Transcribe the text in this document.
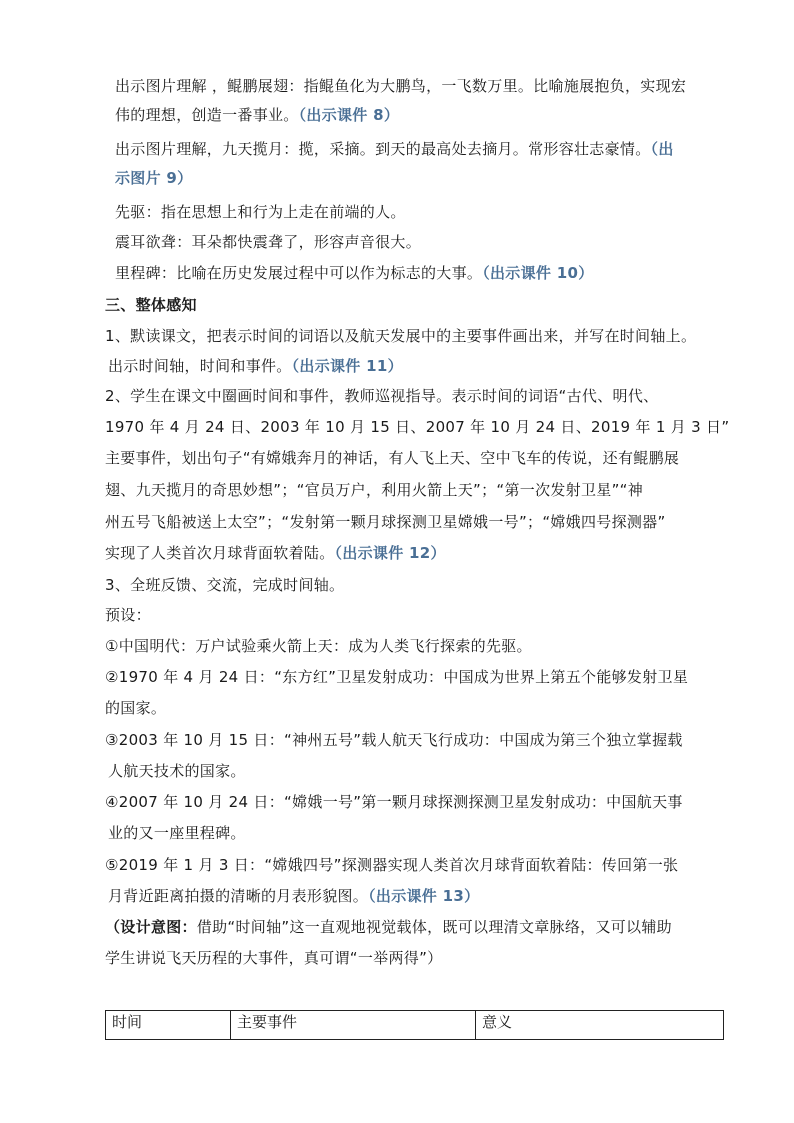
出示图片理解 ，鲲鹏展翅：指鲲鱼化为大鹏鸟，一飞数万里。比喻施展抱负，实现宏
伟的理想，创造一番事业。（出示课件 8）
出示图片理解，九天揽月：揽，采摘。到天的最高处去摘月。常形容壮志豪情。（出
示图片 9）
先驱：指在思想上和行为上走在前端的人。
震耳欲聋：耳朵都快震聋了，形容声音很大。
里程碑：比喻在历史发展过程中可以作为标志的大事。（出示课件 10）
三、整体感知
1、默读课文，把表示时间的词语以及航天发展中的主要事件画出来，并写在时间轴上。
出示时间轴，时间和事件。（出示课件 11）
2、学生在课文中圈画时间和事件，教师巡视指导。表示时间的词语“古代、明代、
1970 年 4 月 24 日、2003 年 10 月 15 日、2007 年 10 月 24 日、2019 年 1 月 3 日”
主要事件，划出句子“有嫦娥奔月的神话，有人飞上天、空中飞车的传说，还有鲲鹏展
翅、九天揽月的奇思妙想”；“官员万户，利用火箭上天”；“第一次发射卫星”“神
州五号飞船被送上太空”；“发射第一颗月球探测卫星嫦娥一号”；“嫦娥四号探测器”
实现了人类首次月球背面软着陆。（出示课件 12）
3、全班反馈、交流，完成时间轴。
预设：
①中国明代：万户试验乘火箭上天：成为人类飞行探索的先驱。
②1970 年 4 月 24 日：“东方红”卫星发射成功：中国成为世界上第五个能够发射卫星
的国家。
③2003 年 10 月 15 日：“神州五号”载人航天飞行成功：中国成为第三个独立掌握载
人航天技术的国家。
④2007 年 10 月 24 日：“嫦娥一号”第一颗月球探测探测卫星发射成功：中国航天事
业的又一座里程碑。
⑤2019 年 1 月 3 日：“嫦娥四号”探测器实现人类首次月球背面软着陆：传回第一张
月背近距离拍摄的清晰的月表形貌图。（出示课件 13）
（设计意图：借助“时间轴”这一直观地视觉载体，既可以理清文章脉络，又可以辅助
学生讲说飞天历程的大事件，真可谓“一举两得”）
时间	主要事件	意义
